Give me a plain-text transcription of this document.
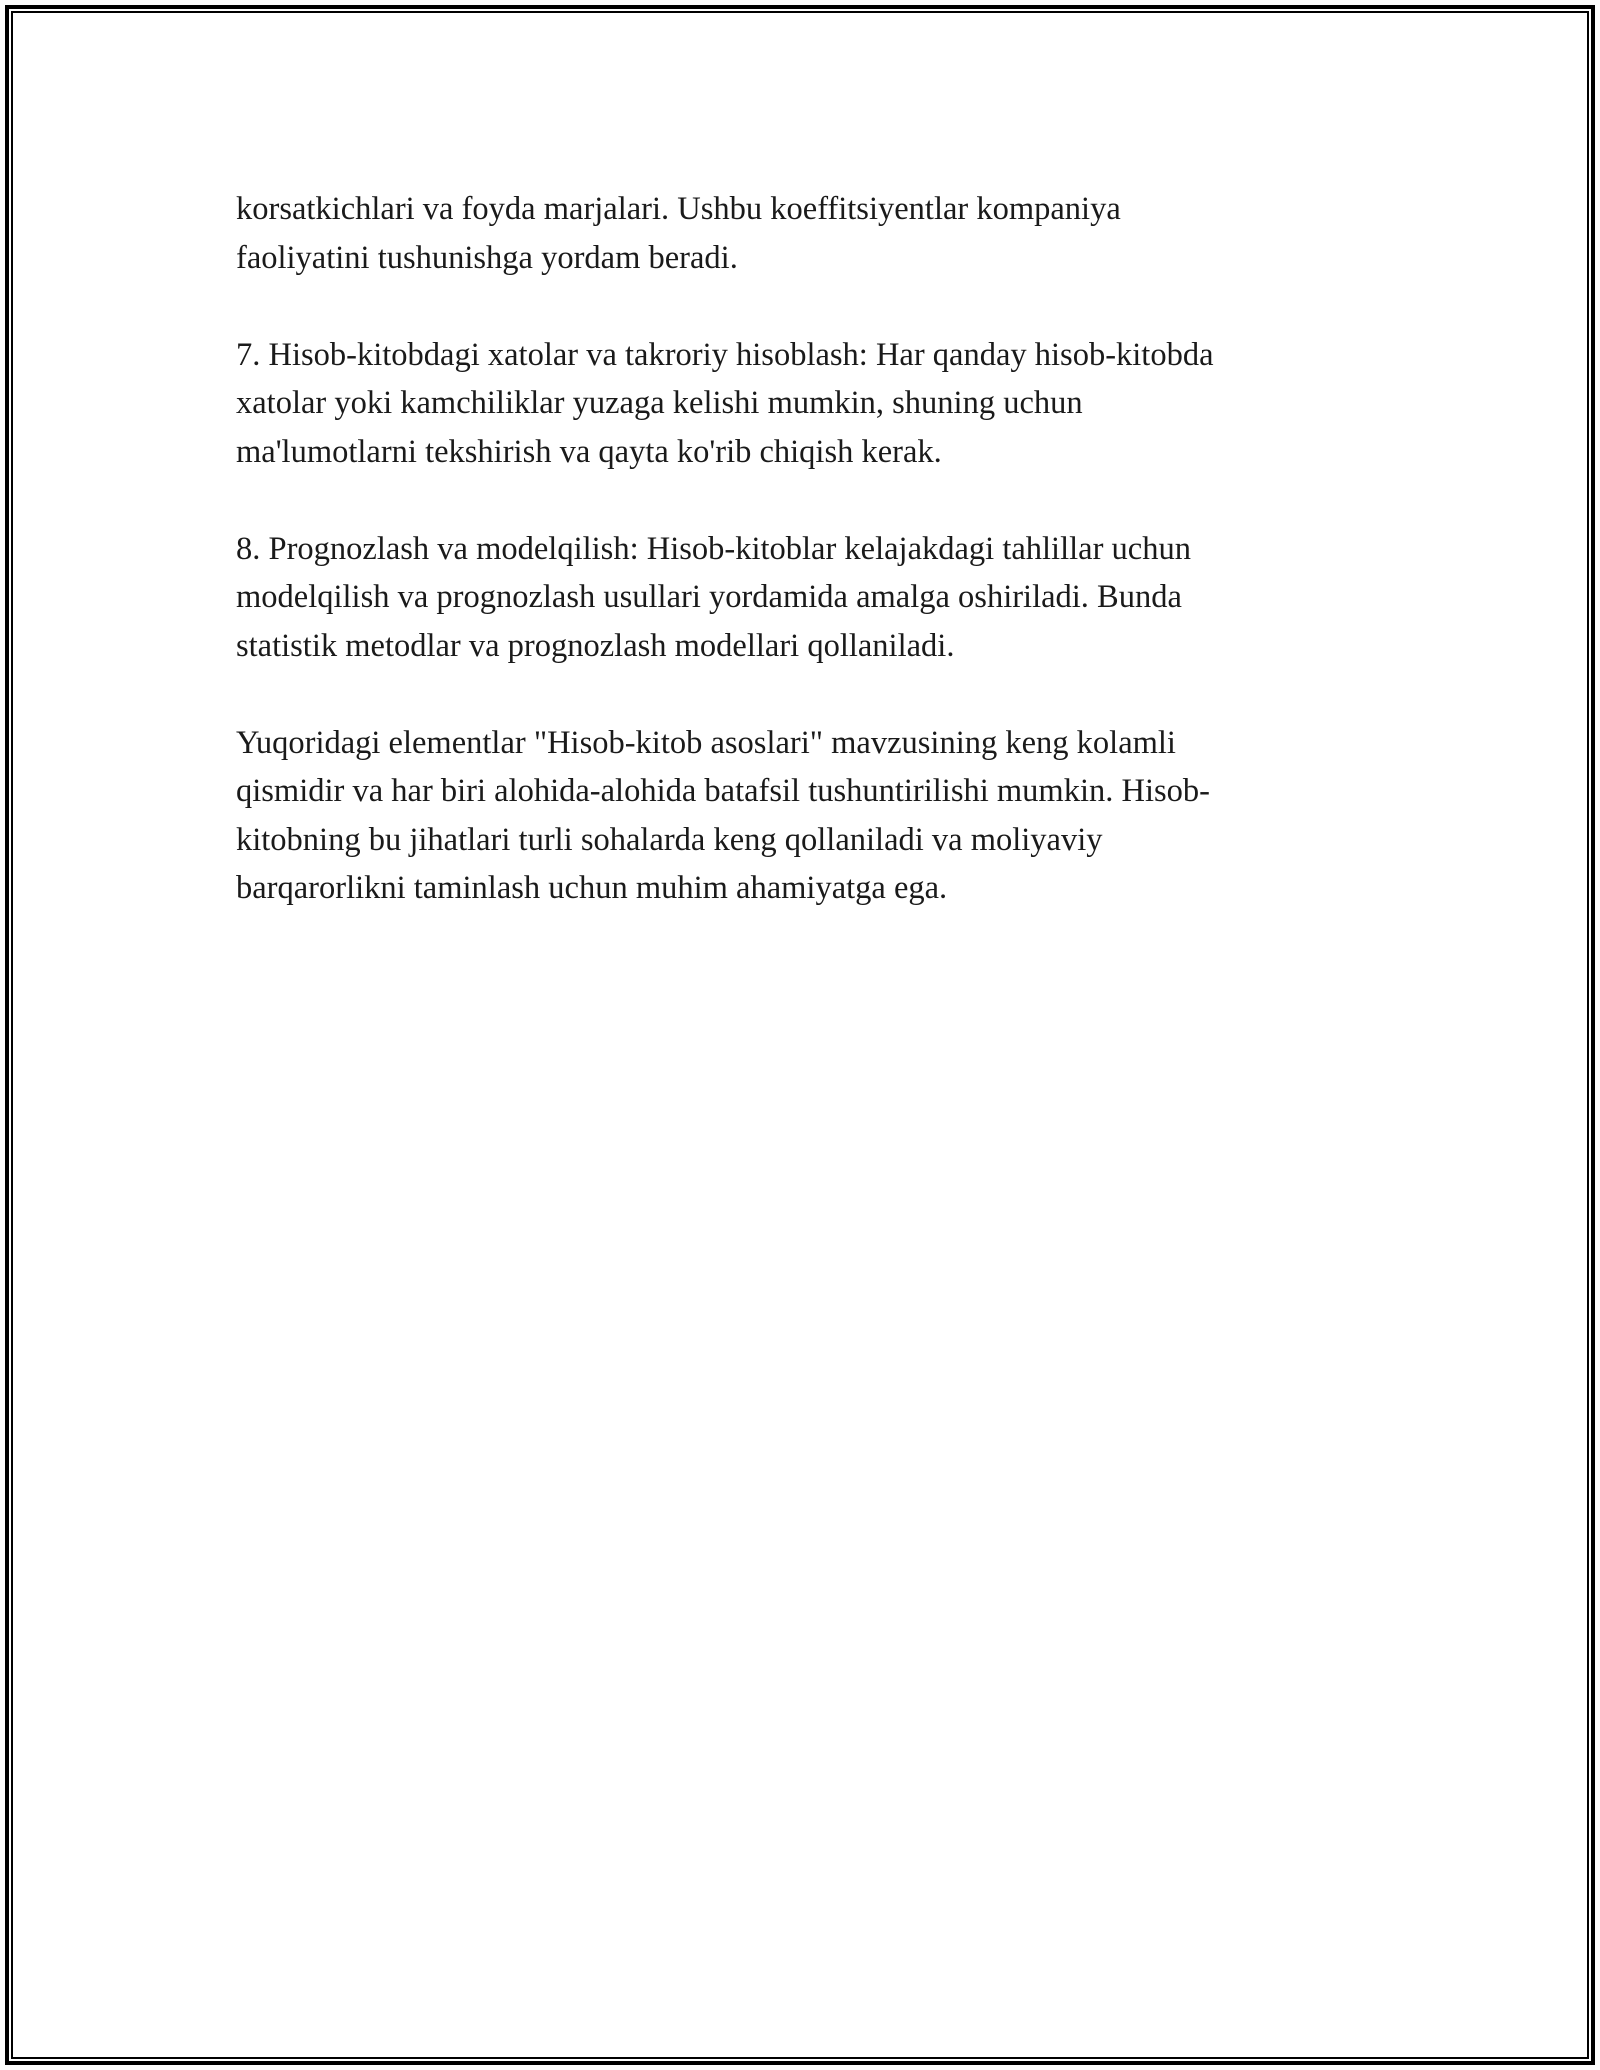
korsatkichlari va foyda marjalari. Ushbu koeffitsiyentlar kompaniya
faoliyatini tushunishga yordam beradi.

7. Hisob-kitobdagi xatolar va takroriy hisoblash: Har qanday hisob-kitobda
xatolar yoki kamchiliklar yuzaga kelishi mumkin, shuning uchun
ma'lumotlarni tekshirish va qayta ko'rib chiqish kerak.

8. Prognozlash va modelqilish: Hisob-kitoblar kelajakdagi tahlillar uchun
modelqilish va prognozlash usullari yordamida amalga oshiriladi. Bunda
statistik metodlar va prognozlash modellari qollaniladi.

Yuqoridagi elementlar "Hisob-kitob asoslari" mavzusining keng kolamli
qismidir va har biri alohida-alohida batafsil tushuntirilishi mumkin. Hisob-
kitobning bu jihatlari turli sohalarda keng qollaniladi va moliyaviy
barqarorlikni taminlash uchun muhim ahamiyatga ega.
